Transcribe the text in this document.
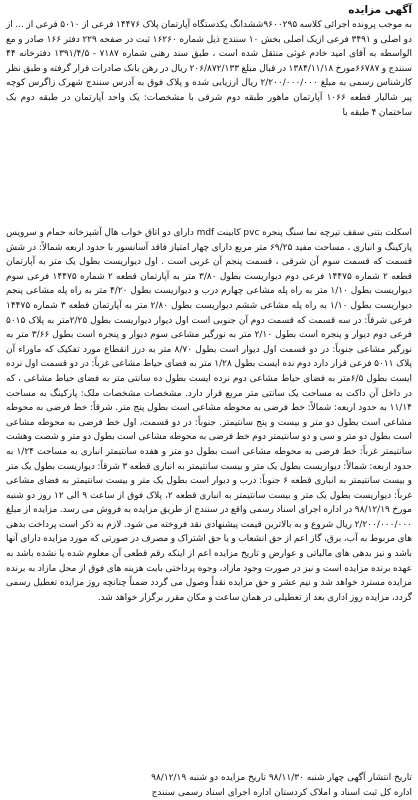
آگهی مزایده

به موجب پرونده اجرائی کلاسه ۹۶۰۰۲۹۵ششدانگ یکدستگاه آپارتمان پلاک ۱۴۴۷۶ فرعی از ۵۰۱۰ فرعی از ... از دو اصلی و ۳۴۹۱ فرعی ازیک اصلی بخش ۱۰ سنندج ذیل شماره ۱۶۲۶۰ ثبت در صفحه ۲۲۹ دفتر ۱۶۶ صادر و مع الواسطه به آقای امید خادم غوثی منتقل شده است ، طبق سند رهنی شماره ۷۱۸۷ - ۱۳۹۱/۴/۵ دفترخانه ۴۴ سنندج و ۶۶۷۸۷مورخ ۱۳۸۴/۱۱/۱۸ در قبال مبلغ ۲۰۶/۸۷۲/۱۳۳ ریال در رهن بانک صادرات قرار گرفته و طبق نظر کارشناس رسمی به مبلغ ۲/۲۰۰/۰۰۰/۰۰۰ ریال ارزیابی شده و پلاک فوق به آدرس سنندج شهرک زاگرس کوچه پیر شالیار قطعه ۱۰۶۶ آپارتمان ماهور طبقه دوم شرقی با مشخصات: یک واحد آپارتمان در طبقه دوم یک ساختمان ۴ طبقه با

اسکلت بتنی سقف تیرچه نما سنگ پنجره pvc کابینت mdf دارای دو اتاق خواب هال آشپزخانه حمام و سرویس پارکینگ و انباری ، مساحت مفید ۶۹/۲۵ متر مربع دارای چهار امتیاز فاقد آسانسور با حدود اربعه شمالاً: در شش قسمت که قسمت سوم آن شرقی ، قسمت پنجم آن غربی است . اول دیواریست بطول یک متر به آپارتمان قطعه ۲ شماره ۱۴۴۷۵ فرعی دوم دیواریست بطول ۳/۸۰ متر به آپارتمان قطعه ۲ شماره ۱۴۴۷۵ فرعی سوم دیواریست بطول ۱/۱۰ متر به راه پله مشاعی چهارم درب و دیواریست بطول ۴/۲۰ متر به راه پله مشاعی پنجم دیواریست بطول ۱/۱۰ به راه پله مشاعی ششم دیواریست بطول ۲/۸۰ متر به آپارتمان قطعه ۳ شماره ۱۴۴۷۵ فرعی شرقاً: در سه قسمت که قسمت دوم آن جنوبی است اول دیوار دیواریست بطول ۲/۲۵متر به پلاک ۵۰۱۵ فرعی دوم دیوار و پنجره است بطول ۲/۱۰ متر به نورگیر مشاعی سوم دیوار و پنجره است بطول ۳/۶۶ متر به نورگیر مشاعی جنوباً: در دو قسمت اول دیوار است بطول ۸/۷۰ متر به درز انقطاع مورد تفکیک که ماوراء آن پلاک ۵۰۱۱ فرعی قرار دارد دوم نده ایست بطول ۱/۲۸ متر به فضای حیاط مشاعی غرباً: در دو قسمت اول نرده ایست بطول ۶/۵متر به فضای حیاط مشاعی دوم نرده ایست بطول ده سانتی متر به فضای حیاط مشاعی ، که در داخل آن داکت به مساحت یک سانتی متر مربع قرار دارد. مشخصات مشخصات ملک: پارکینگ به مساحت ۱۱/۱۴ به حدود اربعه: شمالاً: خط فرضی به محوطه مشاعی است بطول پنج متر. شرقاً: خط فرضی به محوطه مشاعی است بطول دو متر و بیست و پنج سانتیمتر. جنوباً: در دو قسمت، اول خط فرضی به محوطه مشاعی است بطول دو متر و سی و دو سانتیمتر دوم خط فرضی به محوطه مشاعی است بطول دو متر و شصت وهشت سانتیمتر غرباً: خط فرضی به محوطه مشاعی است بطول دو متر و هفده سانتیمتر انباری به مساحت ۱/۲۴ به حدود اربعه: شمالاً: دیواریست بطول یک متر و بیست سانتیمتر به انباری قطعه ۳ شرقاً: دیواریست بطول یک متر و بیست سانتیمتر به انباری قطعه ۶ جنوباً: درب و دیوار است بطول یک متر و بیست سانتیمتر به فضای مشاعی غرباً: دیواریست بطول یک متر و بیست سانتیمتر به انباری قطعه ۲، پلاک فوق از ساعت ۹ الی ۱۲ روز دو شنبه مورخ ۹۸/۱۲/۱۹ در اداره اجرای اسناد رسمی واقع در سنندج از طریق مزایده به فروش می رسد. مزایده از مبلغ ۲/۲۰۰/۰۰۰/۰۰۰ ریال شروع و به بالاترین قیمت پیشنهادی نقد فروخته می شود. لازم به ذکر است پرداخت بدهی های مربوط به آب، برق، گاز اعم از حق انشعاب و یا حق اشتراک و مصرف در صورتی که مورد مزایده دارای آنها باشد و نیز بدهی های مالیاتی و عوارض و تاریخ مزایده اعم از اینکه رقم قطعی آن معلوم شده یا نشده باشد به عهده برنده مزایده است و نیز در صورت وجود مازاد، وجوه پرداختی بابت هزینه های فوق از محل مازاد به برنده مزایده مسترد خواهد شد و نیم عشر و حق مزایده نقداً وصول می گردد ضمناً چنانچه روز مزایده تعطیل رسمی گردد، مزایده روز اداری بعد از تعطیلی در همان ساعت و مکان مقرر برگزار خواهد شد.

تاریخ انتشار آگهی چهار شنبه ۹۸/۱۱/۳۰ تاریخ مزایده دو شنبه ۹۸/۱۲/۱۹

اداره کل ثبت اسناد و املاک کردستان اداره اجرای اسناد رسمی سنندج
